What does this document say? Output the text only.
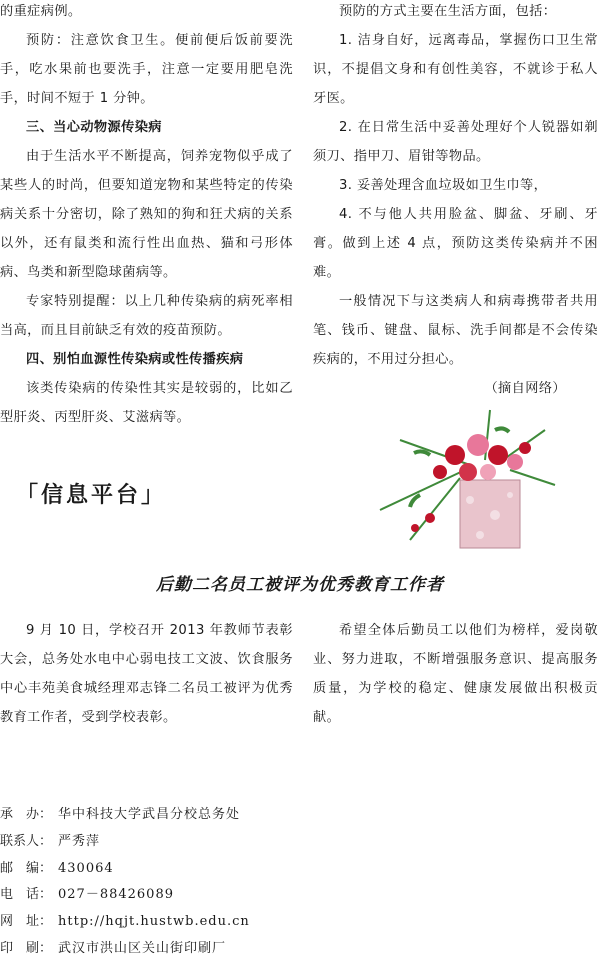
的重症病例。

预防：注意饮食卫生。便前便后饭前要洗手，吃水果前也要洗手，注意一定要用肥皂洗手，时间不短于 1 分钟。

三、当心动物源传染病

由于生活水平不断提高，饲养宠物似乎成了某些人的时尚，但要知道宠物和某些特定的传染病关系十分密切，除了熟知的狗和狂犬病的关系以外，还有鼠类和流行性出血热、猫和弓形体病、鸟类和新型隐球菌病等。

专家特别提醒：以上几种传染病的病死率相当高，而且目前缺乏有效的疫苗预防。

四、别怕血源性传染病或性传播疾病

该类传染病的传染性其实是较弱的，比如乙型肝炎、丙型肝炎、艾滋病等。

预防的方式主要在生活方面，包括：

1. 洁身自好，远离毒品，掌握伤口卫生常识，不提倡文身和有创性美容，不就诊于私人牙医。

2. 在日常生活中妥善处理好个人锐器如剃须刀、指甲刀、眉钳等物品。

3. 妥善处理含血垃圾如卫生巾等，

4. 不与他人共用脸盆、脚盆、牙刷、牙膏。做到上述 4 点，预防这类传染病并不困难。

一般情况下与这类病人和病毒携带者共用笔、钱币、键盘、鼠标、洗手间都是不会传染疾病的，不用过分担心。

（摘自网络）

「信息平台」
后勤二名员工被评为优秀教育工作者

9 月 10 日，学校召开 2013 年教师节表彰大会，总务处水电中心弱电技工文波、饮食服务中心丰苑美食城经理邓志锋二名员工被评为优秀教育工作者，受到学校表彰。

希望全体后勤员工以他们为榜样，爱岗敬业、努力进取，不断增强服务意识、提高服务质量，为学校的稳定、健康发展做出积极贡献。

承　办： 华中科技大学武昌分校总务处
联系人： 严秀萍
邮　编： 430064
电　话： 027－88426089
网　址： http://hqjt.hustwb.edu.cn
印　刷： 武汉市洪山区关山街印刷厂
